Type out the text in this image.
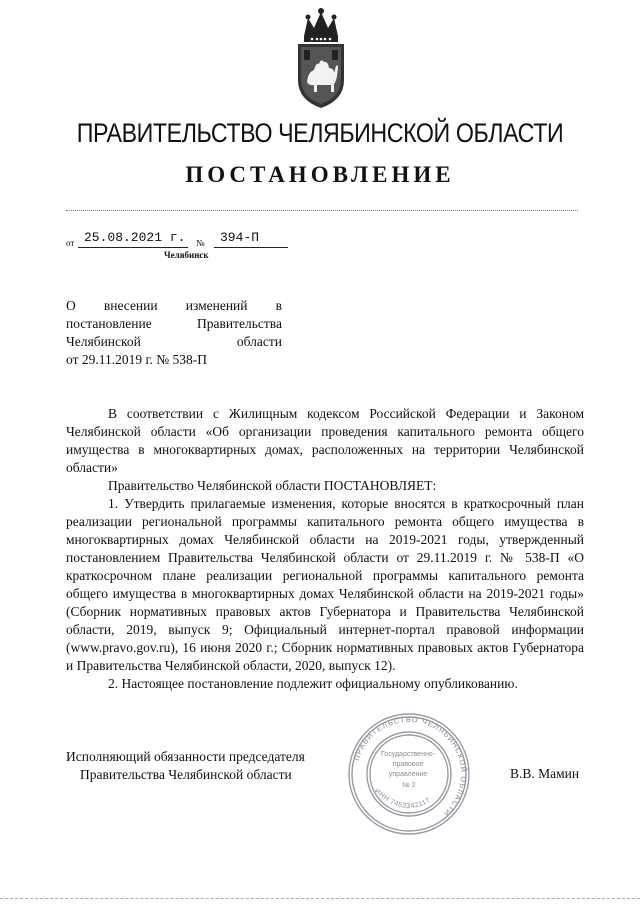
ПРАВИТЕЛЬСТВО ЧЕЛЯБИНСКОЙ ОБЛАСТИ
ПОСТАНОВЛЕНИЕ
от 25.08.2021 г. № 394-П
Челябинск
О внесении изменений в
постановление Правительства
Челябинской области
от 29.11.2019 г. № 538-П

В соответствии с Жилищным кодексом Российской Федерации и Законом Челябинской области «Об организации проведения капитального ремонта общего имущества в многоквартирных домах, расположенных на территории Челябинской области»

Правительство Челябинской области ПОСТАНОВЛЯЕТ:

1. Утвердить прилагаемые изменения, которые вносятся в краткосрочный план реализации региональной программы капитального ремонта общего имущества в многоквартирных домах Челябинской области на 2019-2021 годы, утвержденный постановлением Правительства Челябинской области от 29.11.2019 г. № 538-П «О краткосрочном плане реализации региональной программы капитального ремонта общего имущества в многоквартирных домах Челябинской области на 2019-2021 годы» (Сборник нормативных правовых актов Губернатора и Правительства Челябинской области, 2019, выпуск 9; Официальный интернет-портал правовой информации (www.pravo.gov.ru), 16 июня 2020 г.; Сборник нормативных правовых актов Губернатора и Правительства Челябинской области, 2020, выпуск 12).

2. Настоящее постановление подлежит официальному опубликованию.

Исполняющий обязанности председателя
Правительства Челябинской области
ПРАВИТЕЛЬСТВО ЧЕЛЯБИНСКОЙ ОБЛАСТИ
Государственно- правовое управление № 2
ИНН 7453342117
В.В. Мамин
